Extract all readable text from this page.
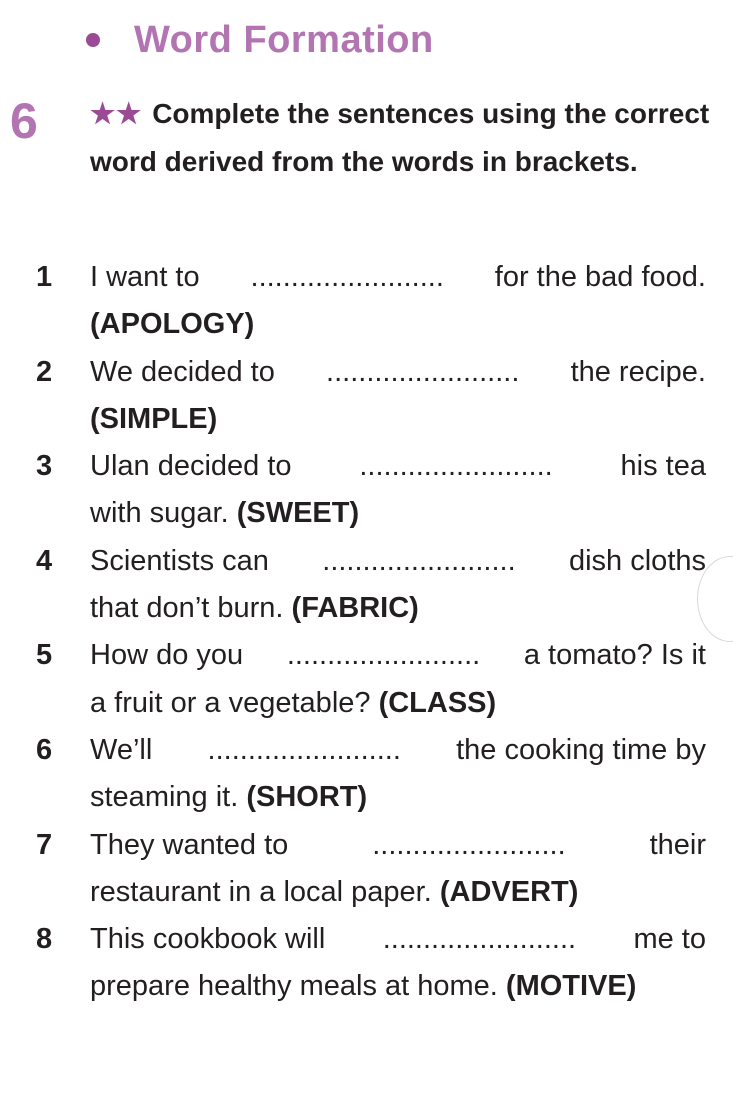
Word Formation
6 ★★ Complete the sentences using the correct word derived from the words in brackets.
1	I want to ........................ for the bad food.
(APOLOGY)
2	We decided to ........................ the recipe.
(SIMPLE)
3	Ulan decided to ........................ his tea
with sugar. (SWEET)
4	Scientists can ........................ dish cloths
that don’t burn. (FABRIC)
5	How do you ........................ a tomato? Is it
a fruit or a vegetable? (CLASS)
6	We’ll ........................ the cooking time by
steaming it. (SHORT)
7	They wanted to	........................	their
restaurant in a local paper. (ADVERT)
8	This cookbook will ........................ me to
prepare healthy meals at home. (MOTIVE)
